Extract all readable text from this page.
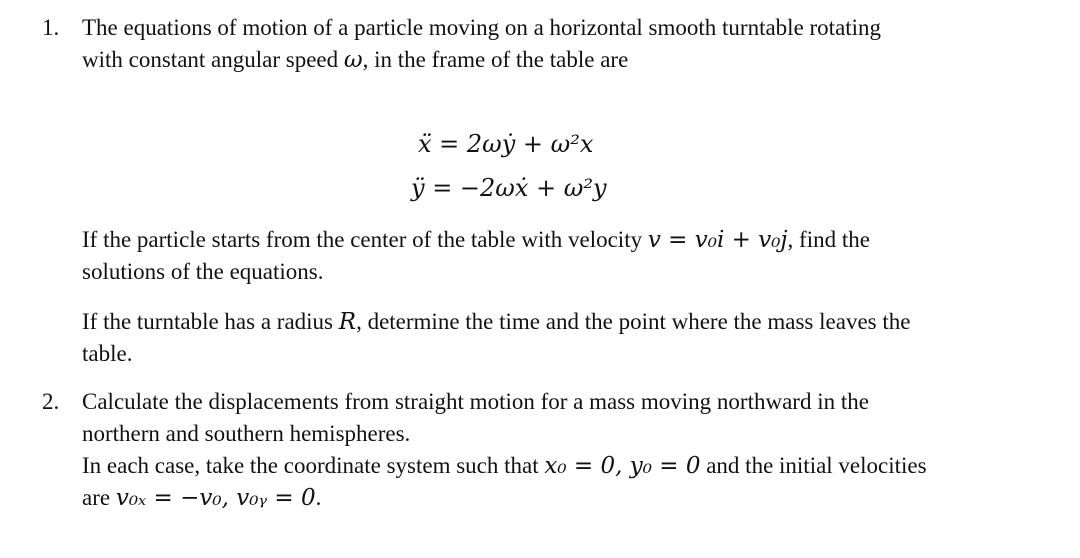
1. The equations of motion of a particle moving on a horizontal smooth turntable rotating

with constant angular speed ω, in the frame of the table are

ẍ = 2ωẏ + ω²x
ÿ = −2ωẋ + ω²y

If the particle starts from the center of the table with velocity v = v₀i + v₀j, find the

solutions of the equations.

If the turntable has a radius R, determine the time and the point where the mass leaves the

table.

2. Calculate the displacements from straight motion for a mass moving northward in the

northern and southern hemispheres.

In each case, take the coordinate system such that x₀ = 0, y₀ = 0 and the initial velocities

are v₀ₓ = −v₀, v₀ᵧ = 0.
